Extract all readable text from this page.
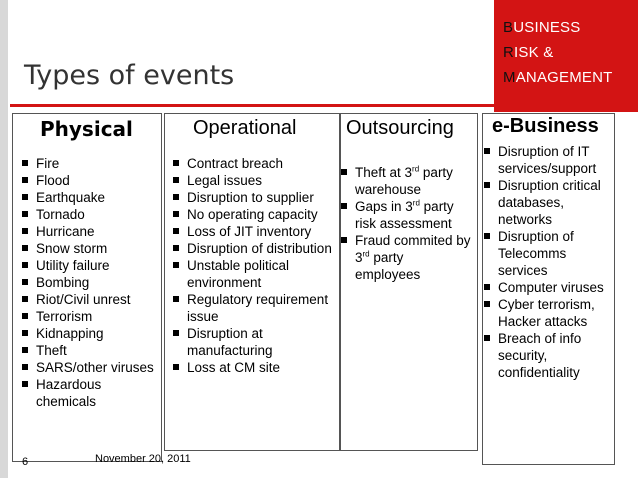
BUSINESS
RISK &
MANAGEMENT
Types of events
Physical
Fire
Flood
Earthquake
Tornado
Hurricane
Snow storm
Utility failure
Bombing
Riot/Civil unrest
Terrorism
Kidnapping
Theft
SARS/other viruses
Hazardous chemicals
Operational
Contract breach
Legal issues
Disruption to supplier
No operating capacity
Loss of JIT inventory
Disruption of distribution
Unstable political environment
Regulatory requirement issue
Disruption at manufacturing
Loss at CM site
Outsourcing
Theft at 3rd party warehouse
Gaps in 3rd party risk assessment
Fraud commited by 3rd party employees
e-Business
Disruption of IT services/support
Disruption critical databases, networks
Disruption of Telecomms services
Computer viruses
Cyber terrorism, Hacker attacks
Breach of info security, confidentiality
6	November 20, 2011
